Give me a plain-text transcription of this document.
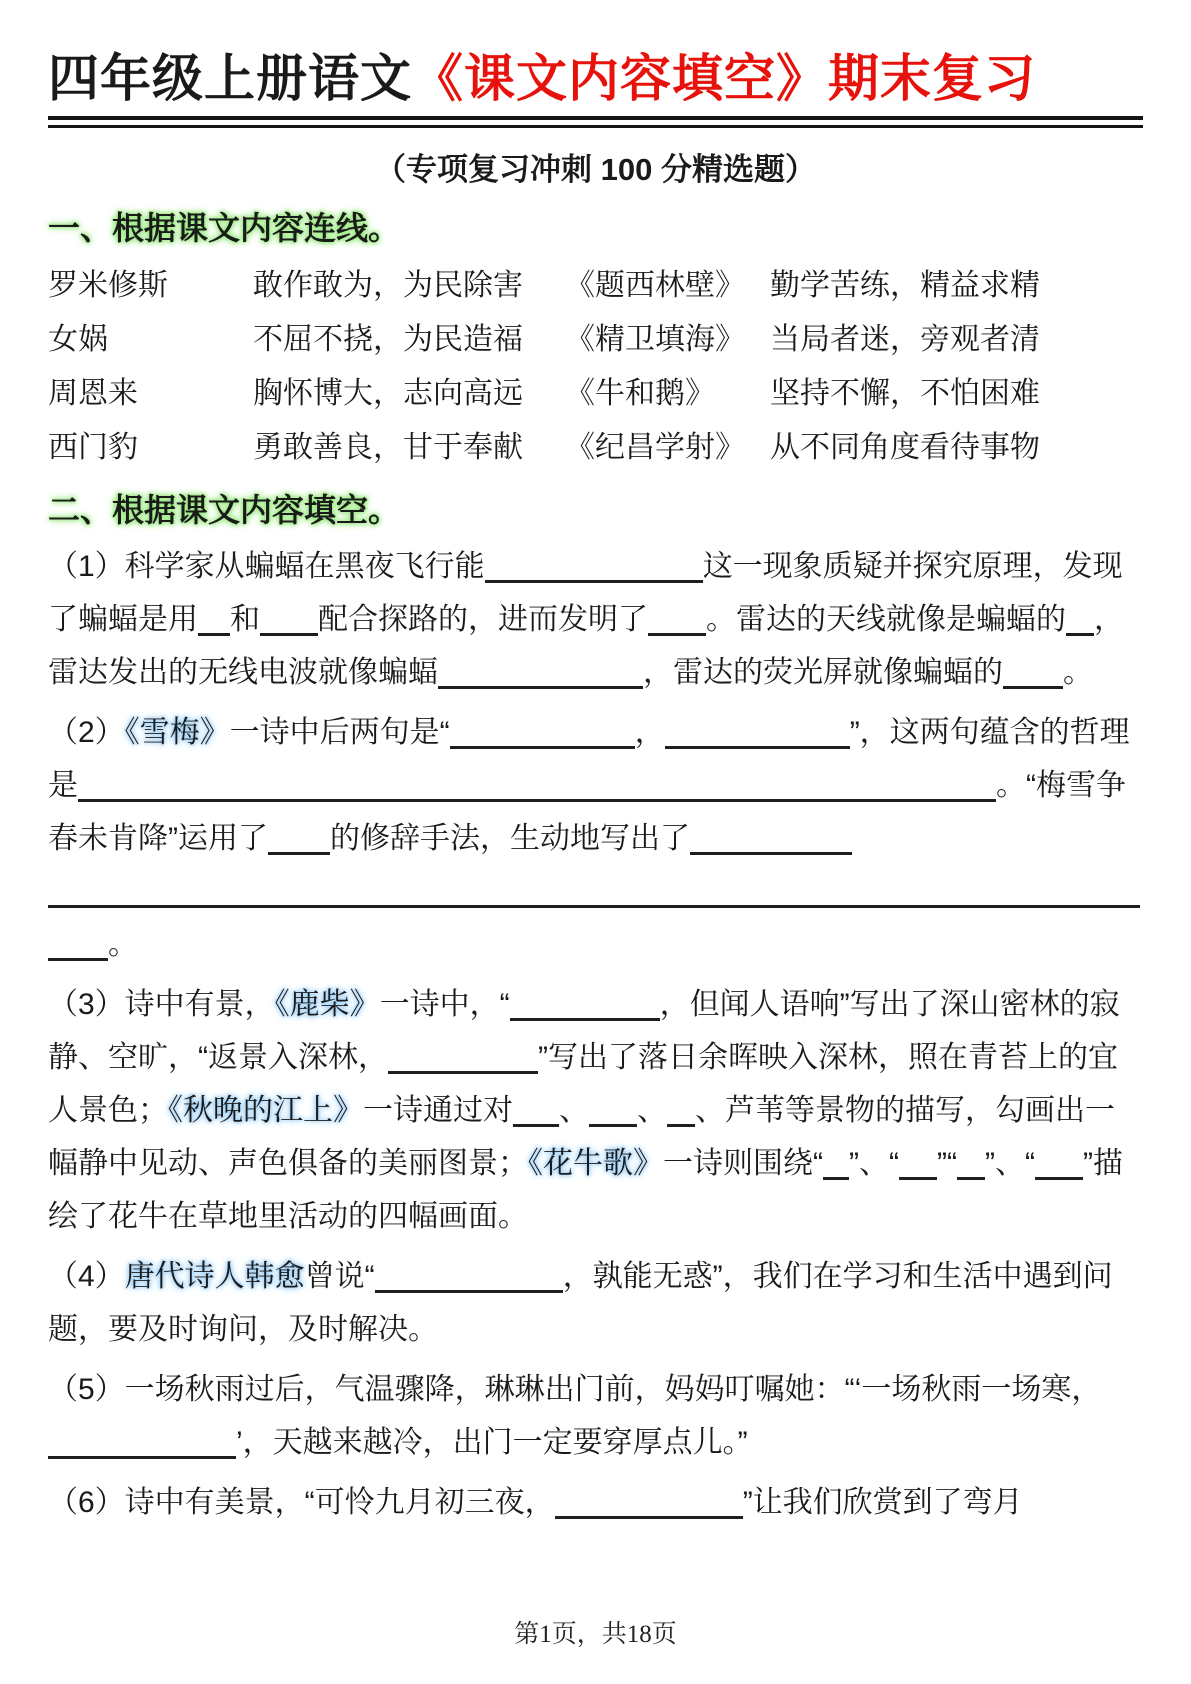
四年级上册语文《课文内容填空》期末复习
（专项复习冲刺 100 分精选题）
一、根据课文内容连线。
罗米修斯	敢作敢为，为民除害	《题西林壁》 勤学苦练，精益求精
女娲	不屈不挠，为民造福	《精卫填海》 当局者迷，旁观者清
周恩来	胸怀博大，志向高远	《牛和鹅》	坚持不懈，不怕困难
西门豹	勇敢善良，甘于奉献	《纪昌学射》 从不同角度看待事物
二、根据课文内容填空。
（1）科学家从蝙蝠在黑夜飞行能	这一现象质疑并探究原理，发现了蝙蝠是用 和 配合探路的，进而发明了 。雷达的天线就像是蝙蝠的 ，雷达发出的无线电波就像蝙蝠	，雷达的荧光屏就像蝙蝠的 。
（2）《雪梅》一诗中后两句是“	，	”，这两句蕴含的哲理是	。“梅雪争春未肯降”运用了 的修辞手法，生动地写出了。
（3）诗中有景，《鹿柴》一诗中，“	，但闻人语响”写出了深山密林的寂静、空旷，“返景入深林，	”写出了落日余晖映入深林，照在青苔上的宜人景色；《秋晚的江上》一诗通过对 、 、 、芦苇等景物的描写，勾画出一幅静中见动、声色俱备的美丽图景；《花牛歌》一诗则围绕“ ”、“ ”“ ”、“ ”描绘了花牛在草地里活动的四幅画面。
（4）唐代诗人韩愈曾说“	，孰能无惑”，我们在学习和生活中遇到问题，要及时询问，及时解决。
（5）一场秋雨过后，气温骤降，琳琳出门前，妈妈叮嘱她：“‘一场秋雨一场寒，’，天越来越冷，出门一定要穿厚点儿。”
（6）诗中有美景，“可怜九月初三夜，	”让我们欣赏到了弯月
第1页，共18页
